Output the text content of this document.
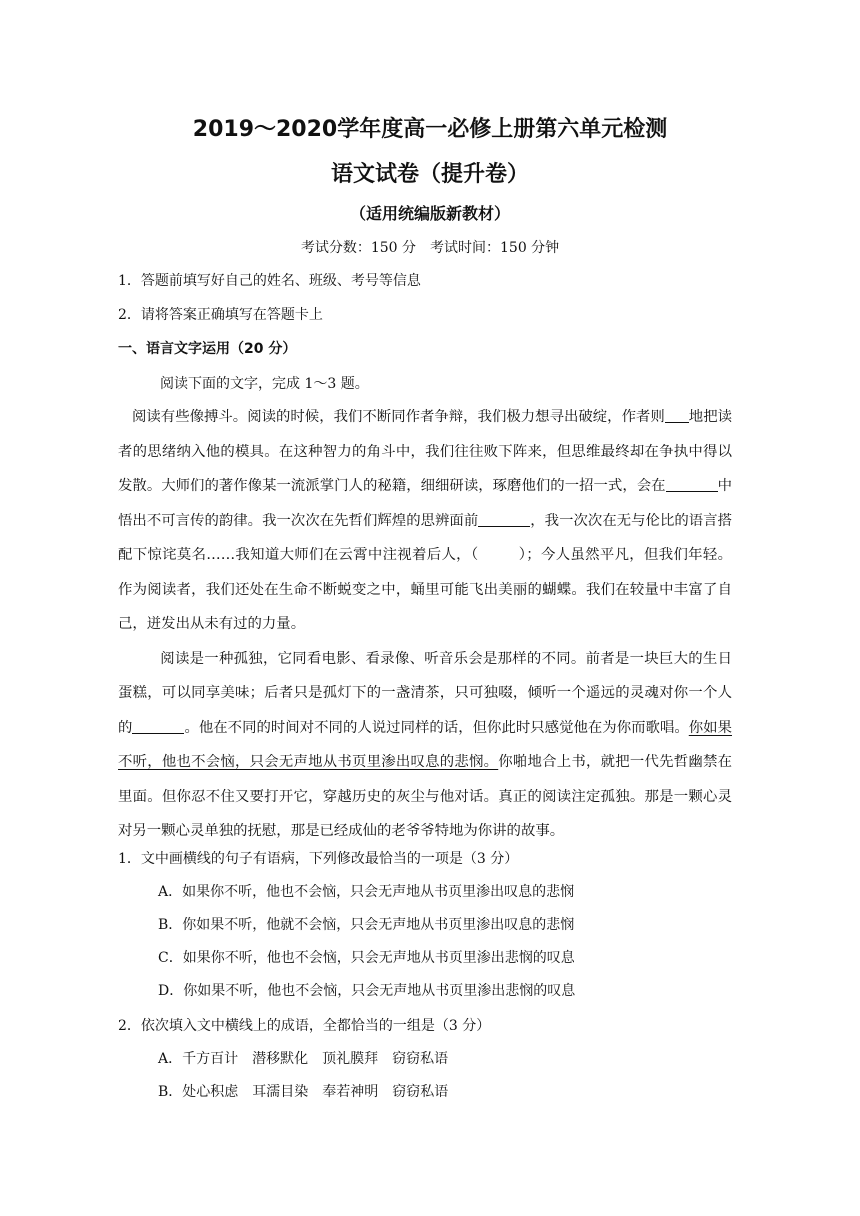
2019～2020学年度高一必修上册第六单元检测
语文试卷（提升卷）
（适用统编版新教材）
考试分数：150 分　考试时间：150 分钟
1．答题前填写好自己的姓名、班级、考号等信息
2．请将答案正确填写在答题卡上
一、语言文字运用（20 分）
阅读下面的文字，完成 1～3 题。

阅读有些像搏斗。阅读的时候，我们不断同作者争辩，我们极力想寻出破绽，作者则 地把读者的思绪纳入他的模具。在这种智力的角斗中，我们往往败下阵来，但思维最终却在争执中得以发散。大师们的著作像某一流派掌门人的秘籍，细细研读，琢磨他们的一招一式，会在	中悟出不可言传的韵律。我一次次在先哲们辉煌的思辨面前	，我一次次在无与伦比的语言搭配下惊诧莫名……我知道大师们在云霄中注视着后人，（	）；今人虽然平凡，但我们年轻。作为阅读者，我们还处在生命不断蜕变之中，蛹里可能飞出美丽的蝴蝶。我们在较量中丰富了自己，迸发出从未有过的力量。

阅读是一种孤独，它同看电影、看录像、听音乐会是那样的不同。前者是一块巨大的生日蛋糕，可以同享美味；后者只是孤灯下的一盏清茶，只可独啜，倾听一个遥远的灵魂对你一个人的	。他在不同的时间对不同的人说过同样的话，但你此时只感觉他在为你而歌唱。你如果不听，他也不会恼，只会无声地从书页里渗出叹息的悲悯。你啪地合上书，就把一代先哲幽禁在里面。但你忍不住又要打开它，穿越历史的灰尘与他对话。真正的阅读注定孤独。那是一颗心灵对另一颗心灵单独的抚慰，那是已经成仙的老爷爷特地为你讲的故事。

1．文中画横线的句子有语病，下列修改最恰当的一项是（3 分）
A．如果你不听，他也不会恼，只会无声地从书页里渗出叹息的悲悯
B．你如果不听，他就不会恼，只会无声地从书页里渗出叹息的悲悯
C．如果你不听，他也不会恼，只会无声地从书页里渗出悲悯的叹息
D．你如果不听，他也不会恼，只会无声地从书页里渗出悲悯的叹息
2．依次填入文中横线上的成语，全都恰当的一组是（3 分）
A．千方百计 潜移默化 顶礼膜拜 窃窃私语
B．处心积虑 耳濡目染 奉若神明 窃窃私语
